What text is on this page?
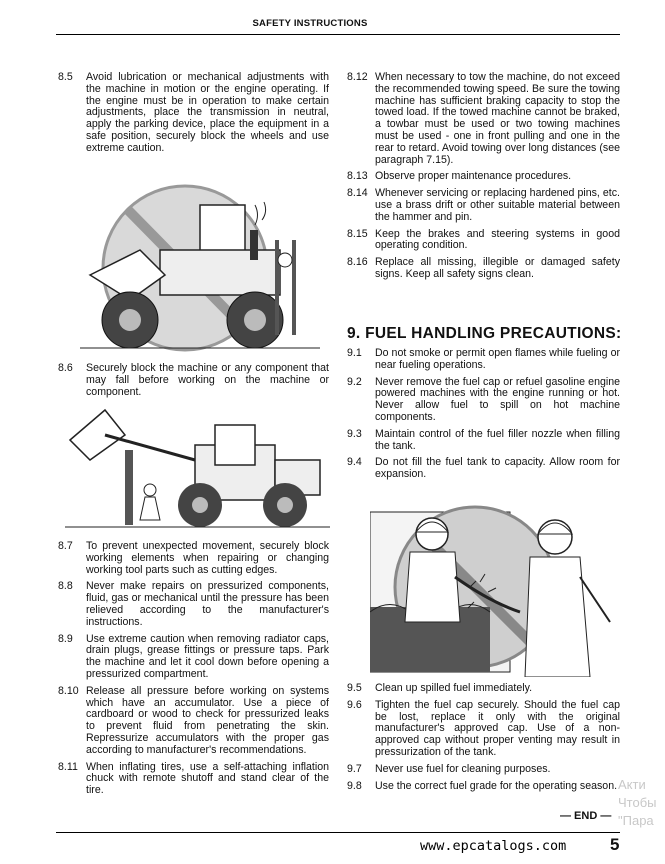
SAFETY INSTRUCTIONS
8.5	Avoid lubrication or mechanical adjustments with the machine in motion or the engine operating. If the engine must be in operation to make certain adjustments, place the transmission in neutral, apply the parking device, place the equipment in a safe position, securely block the wheels and use extreme caution.
8.6	Securely block the machine or any component that may fall before working on the machine or component.
8.7	To prevent unexpected movement, securely block working elements when repairing or changing working tool parts such as cutting edges.
8.8	Never make repairs on pressurized components, fluid, gas or mechanical until the pressure has been relieved according to the manufacturer's instructions.
8.9	Use extreme caution when removing radiator caps, drain plugs, grease fittings or pressure taps. Park the machine and let it cool down before opening a pressurized compartment.
8.10 Release all pressure before working on systems which have an accumulator. Use a piece of cardboard or wood to check for pressurized leaks to prevent fluid from penetrating the skin. Repressurize accumulators with the proper gas according to manufacturer's recommendations.
8.11 When inflating tires, use a self-attaching inflation chuck with remote shutoff and stand clear of the tire.
8.12 When necessary to tow the machine, do not exceed the recommended towing speed. Be sure the towing machine has sufficient braking capacity to stop the towed load. If the towed machine cannot be braked, a towbar must be used or two towing machines must be used - one in front pulling and one in the rear to retard. Avoid towing over long distances (see paragraph 7.15).
8.13 Observe proper maintenance procedures.
8.14 Whenever servicing or replacing hardened pins, etc. use a brass drift or other suitable material between the hammer and pin.
8.15 Keep the brakes and steering systems in good operating condition.
8.16 Replace all missing, illegible or damaged safety signs. Keep all safety signs clean.
9. FUEL HANDLING PRECAUTIONS:
9.1	Do not smoke or permit open flames while fueling or near fueling operations.
9.2	Never remove the fuel cap or refuel gasoline engine powered machines with the engine running or hot. Never allow fuel to spill on hot machine components.
9.3	Maintain control of the fuel filler nozzle when filling the tank.
9.4	Do not fill the fuel tank to capacity. Allow room for expansion.
9.5	Clean up spilled fuel immediately.
9.6	Tighten the fuel cap securely. Should the fuel cap be lost, replace it only with the original manufacturer's approved cap. Use of a non-approved cap without proper venting may result in pressurization of the tank.
9.7	Never use fuel for cleaning purposes.
9.8	Use the correct fuel grade for the operating season.
— END —
www.epcatalogs.com	5
Акти
Чтобы
"Пара
